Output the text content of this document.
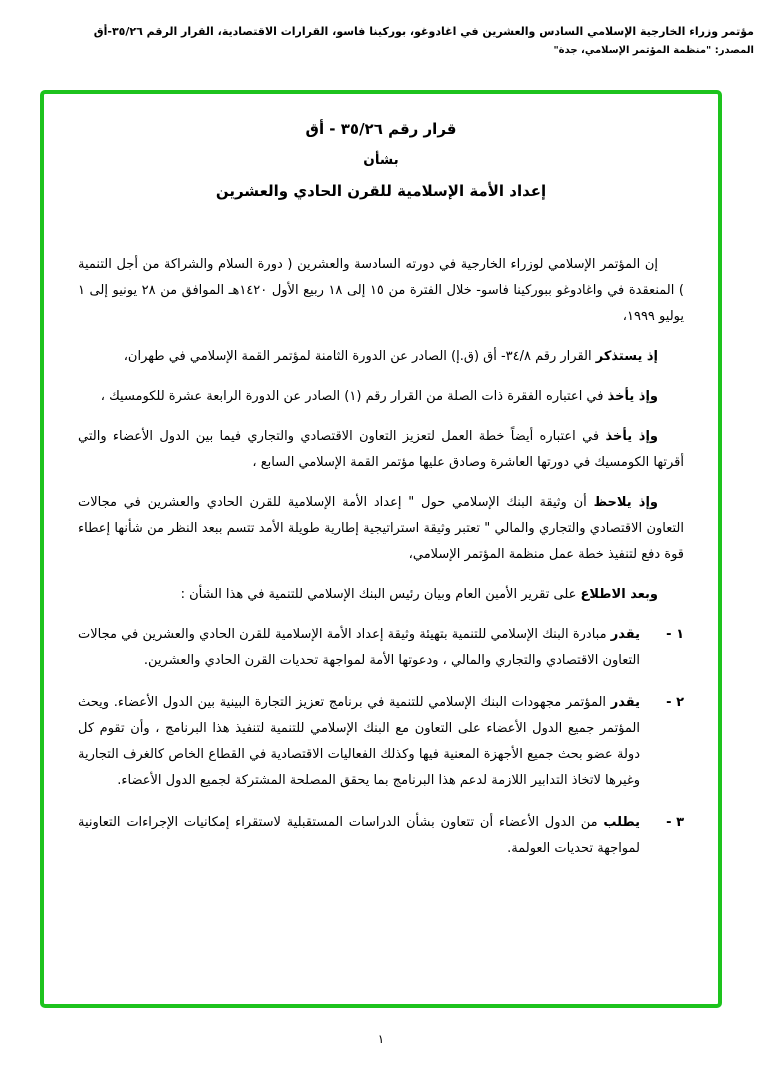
مؤتمر وزراء الخارجية الإسلامي السادس والعشرين في اغادوغو، بوركينا فاسو، القرارات الاقتصادية، القرار الرقم ٣٥/٢٦-أق
المصدر: "منظمة المؤتمر الإسلامي، جدة"
قرار رقم ٣٥/٢٦ - أق
بشأن
إعداد الأمة الإسلامية للقرن الحادي والعشرين

إن المؤتمر الإسلامي لوزراء الخارجية في دورته السادسة والعشرين ( دورة السلام والشراكة من أجل التنمية ) المنعقدة في واغادوغو ببوركينا فاسو- خلال الفترة من ١٥ إلى ١٨ ربيع الأول ١٤٢٠هـ الموافق من ٢٨ يونيو إلى ١ يوليو ١٩٩٩،

إذ يستذكر القرار رقم ٣٤/٨- أق (ق.إ) الصادر عن الدورة الثامنة لمؤتمر القمة الإسلامي في طهران،

وإذ يأخذ في اعتباره الفقرة ذات الصلة من القرار رقم (١) الصادر عن الدورة الرابعة عشرة للكومسيك ،

وإذ يأخذ في اعتباره أيضاً خطة العمل لتعزيز التعاون الاقتصادي والتجاري فيما بين الدول الأعضاء والتي أقرتها الكومسيك في دورتها العاشرة وصادق عليها مؤتمر القمة الإسلامي السابع ،

وإذ يلاحظ أن وثيقة البنك الإسلامي حول " إعداد الأمة الإسلامية للقرن الحادي والعشرين في مجالات التعاون الاقتصادي والتجاري والمالي " تعتبر وثيقة استراتيجية إطارية طويلة الأمد تتسم ببعد النظر من شأنها إعطاء قوة دفع لتنفيذ خطة عمل منظمة المؤتمر الإسلامي،

وبعد الاطلاع على تقرير الأمين العام وبيان رئيس البنك الإسلامي للتنمية في هذا الشأن :

١ -
يقدر مبادرة البنك الإسلامي للتنمية بتهيئة وثيقة إعداد الأمة الإسلامية للقرن الحادي والعشرين في مجالات التعاون الاقتصادي والتجاري والمالي ، ودعوتها الأمة لمواجهة تحديات القرن الحادي والعشرين.
٢ -
يقدر المؤتمر مجهودات البنك الإسلامي للتنمية في برنامج تعزيز التجارة البينية بين الدول الأعضاء. ويحث المؤتمر جميع الدول الأعضاء على التعاون مع البنك الإسلامي للتنمية لتنفيذ هذا البرنامج ، وأن تقوم كل دولة عضو بحث جميع الأجهزة المعنية فيها وكذلك الفعاليات الاقتصادية في القطاع الخاص كالغرف التجارية وغيرها لاتخاذ التدابير اللازمة لدعم هذا البرنامج بما يحقق المصلحة المشتركة لجميع الدول الأعضاء.
٣ -
يطلب من الدول الأعضاء أن تتعاون بشأن الدراسات المستقبلية لاستقراء إمكانيات الإجراءات التعاونية لمواجهة تحديات العولمة.
١
